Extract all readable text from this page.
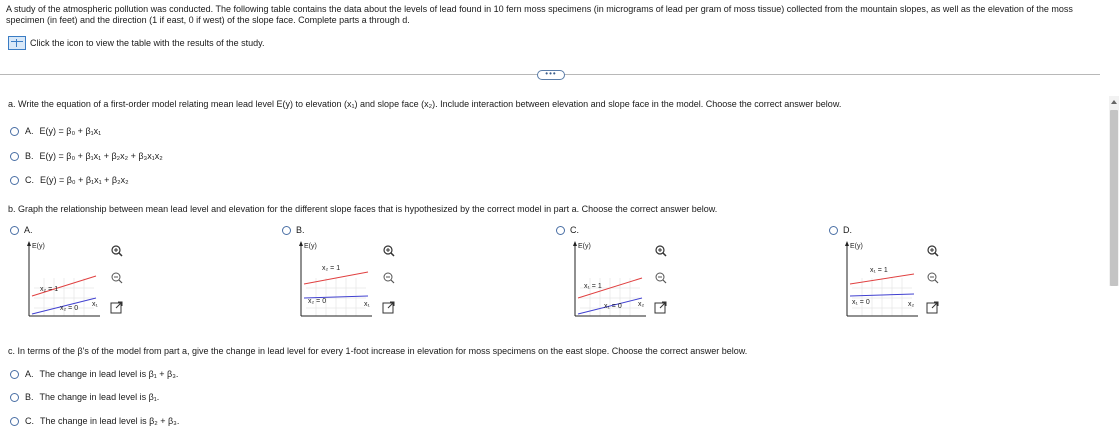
A study of the atmospheric pollution was conducted. The following table contains the data about the levels of lead found in 10 fern moss specimens (in micrograms of lead per gram of moss tissue) collected from the mountain slopes, as well as the elevation of the moss specimen (in feet) and the direction (1 if east, 0 if west) of the slope face. Complete parts a through d.
Click the icon to view the table with the results of the study.
•••
a. Write the equation of a first-order model relating mean lead level E(y) to elevation (x₁) and slope face (x₂). Include interaction between elevation and slope face in the model. Choose the correct answer below.
A. E(y) = β₀ + β₁x₁
B. E(y) = β₀ + β₁x₁ + β₂x₂ + β₃x₁x₂
C. E(y) = β₀ + β₁x₁ + β₂x₂
b. Graph the relationship between mean lead level and elevation for the different slope faces that is hypothesized by the correct model in part a. Choose the correct answer below.
A.	B.	C.	D.
E(y)
x₂ = 1
x₂ = 0
x₁
E(y)
x₂ = 1
x₂ = 0	x₁
E(y)
x₁ = 1
x₁ = 0 x₂
E(y)
x₁ = 1
x₁ = 0	x₂
c. In terms of the β's of the model from part a, give the change in lead level for every 1-foot increase in elevation for moss specimens on the east slope. Choose the correct answer below.
A. The change in lead level is β₁ + β₃.
B. The change in lead level is β₁.
C. The change in lead level is β₂ + β₃.
